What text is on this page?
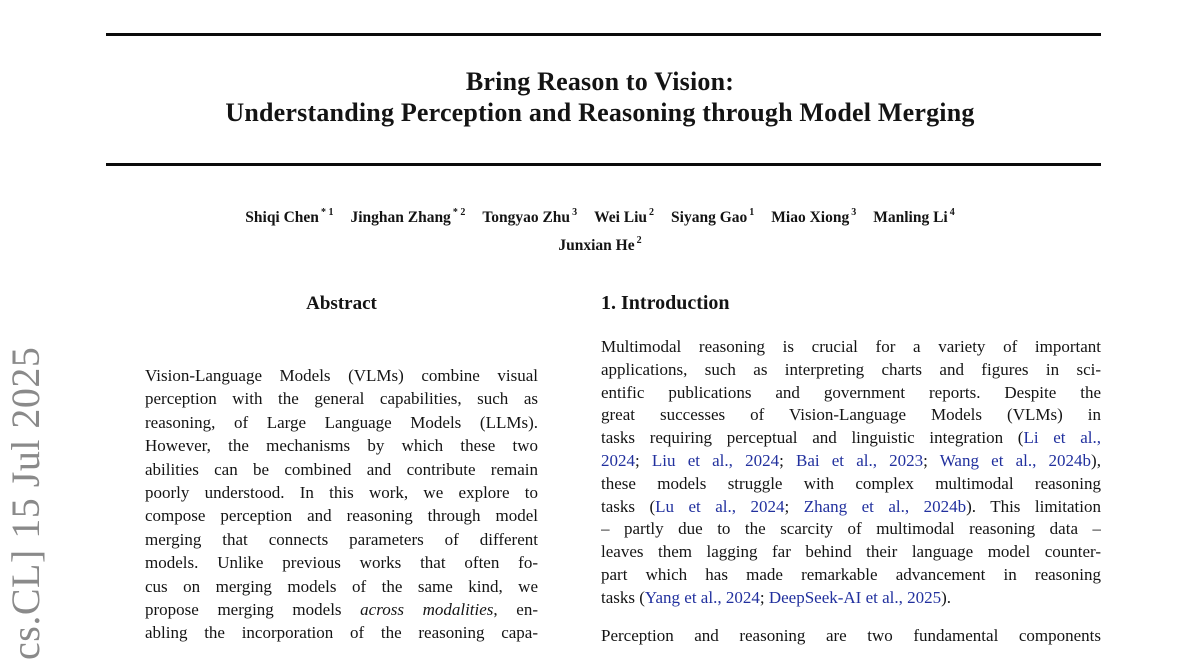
cs.CL] 15 Jul 2025
Bring Reason to Vision:
Understanding Perception and Reasoning through Model Merging
Shiqi Chen $^{* 1}$ Jinghan Zhang $^{* 2}$ Tongyao Zhu $^3$ Wei Liu $^2$ Siyang Gao $^1$ Miao Xiong $^3$ Manling Li $^4$
Junxian He $^2$
Abstract
Vision-Language Models (VLMs) combine visual
perception with the general capabilities, such as
reasoning, of Large Language Models (LLMs).
However, the mechanisms by which these two
abilities can be combined and contribute remain
poorly understood. In this work, we explore to
compose perception and reasoning through model
merging that connects parameters of different
models. Unlike previous works that often fo-
cus on merging models of the same kind, we
propose merging models across modalities, en-
abling the incorporation of the reasoning capa-
1. Introduction
Multimodal reasoning is crucial for a variety of important
applications, such as interpreting charts and figures in sci-
entific publications and government reports. Despite the
great successes of Vision-Language Models (VLMs) in
tasks requiring perceptual and linguistic integration (Li et al.,
2024; Liu et al., 2024; Bai et al., 2023; Wang et al., 2024b),
these models struggle with complex multimodal reasoning
tasks (Lu et al., 2024; Zhang et al., 2024b). This limitation
– partly due to the scarcity of multimodal reasoning data –
leaves them lagging far behind their language model counter-
part which has made remarkable advancement in reasoning
tasks (Yang et al., 2024; DeepSeek-AI et al., 2025).
Perception and reasoning are two fundamental components
